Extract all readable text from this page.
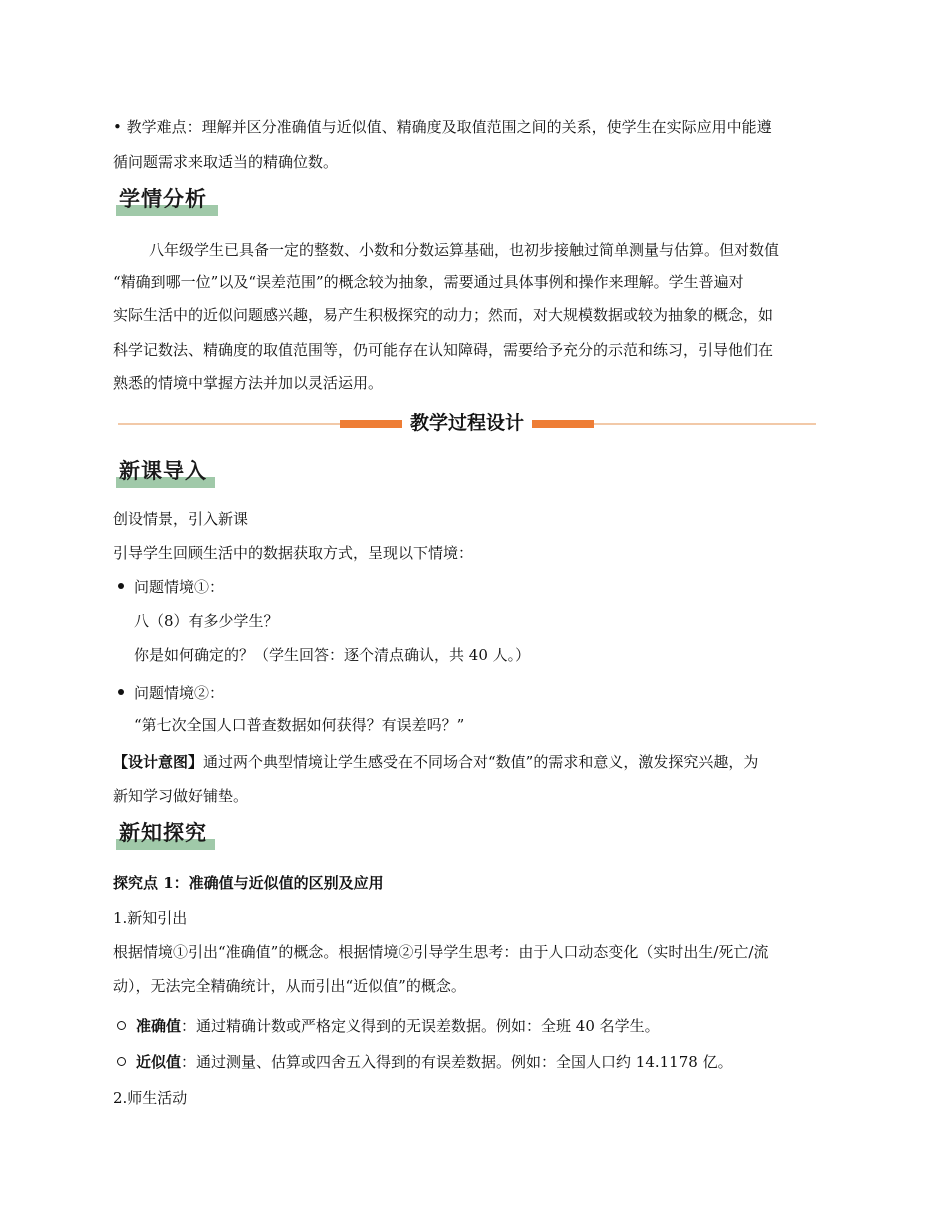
• 教学难点：理解并区分准确值与近似值、精确度及取值范围之间的关系，使学生在实际应用中能遵
循问题需求来取适当的精确位数。
学情分析
八年级学生已具备一定的整数、小数和分数运算基础，也初步接触过简单测量与估算。但对数值
“精确到哪一位”以及“误差范围”的概念较为抽象，需要通过具体事例和操作来理解。学生普遍对
实际生活中的近似问题感兴趣，易产生积极探究的动力；然而，对大规模数据或较为抽象的概念，如
科学记数法、精确度的取值范围等，仍可能存在认知障碍，需要给予充分的示范和练习，引导他们在
熟悉的情境中掌握方法并加以灵活运用。
教学过程设计
新课导入
创设情景，引入新课
引导学生回顾生活中的数据获取方式，呈现以下情境：
问题情境①：
八（8）有多少学生？
你是如何确定的？（学生回答：逐个清点确认，共 40 人。）
问题情境②：
“第七次全国人口普查数据如何获得？有误差吗？”
【设计意图】通过两个典型情境让学生感受在不同场合对“数值”的需求和意义，激发探究兴趣，为
新知学习做好铺垫。
新知探究
探究点 1：准确值与近似值的区别及应用
1.新知引出
根据情境①引出“准确值”的概念。根据情境②引导学生思考：由于人口动态变化（实时出生/死亡/流
动），无法完全精确统计，从而引出“近似值”的概念。
准确值：通过精确计数或严格定义得到的无误差数据。例如：全班 40 名学生。
近似值：通过测量、估算或四舍五入得到的有误差数据。例如：全国人口约 14.1178 亿。
2.师生活动
